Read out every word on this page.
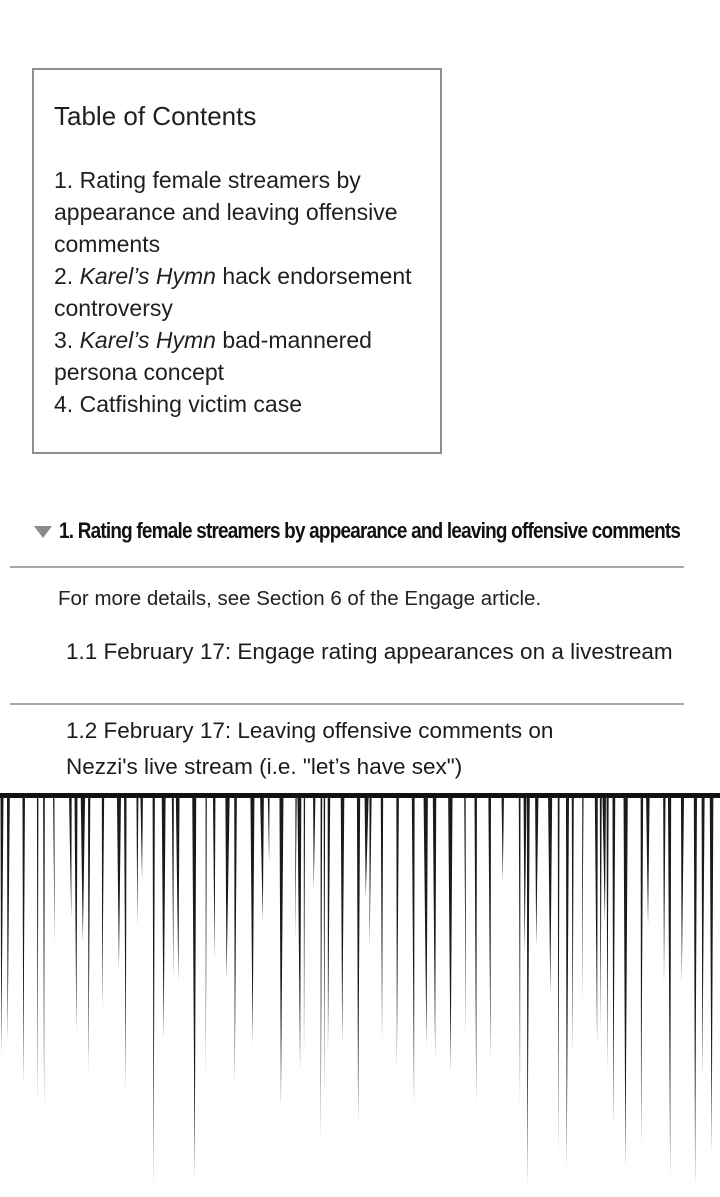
Table of Contents
1. Rating female streamers by appearance and leaving offensive comments
2. Karel’s Hymn hack endorsement controversy
3. Karel’s Hymn bad-mannered persona concept
4. Catfishing victim case
1. Rating female streamers by appearance and leaving offensive comments
For more details, see Section 6 of the Engage article.
1.1 February 17: Engage rating appearances on a livestream
1.2 February 17: Leaving offensive comments on Nezzi's live stream (i.e. "let’s have sex")
